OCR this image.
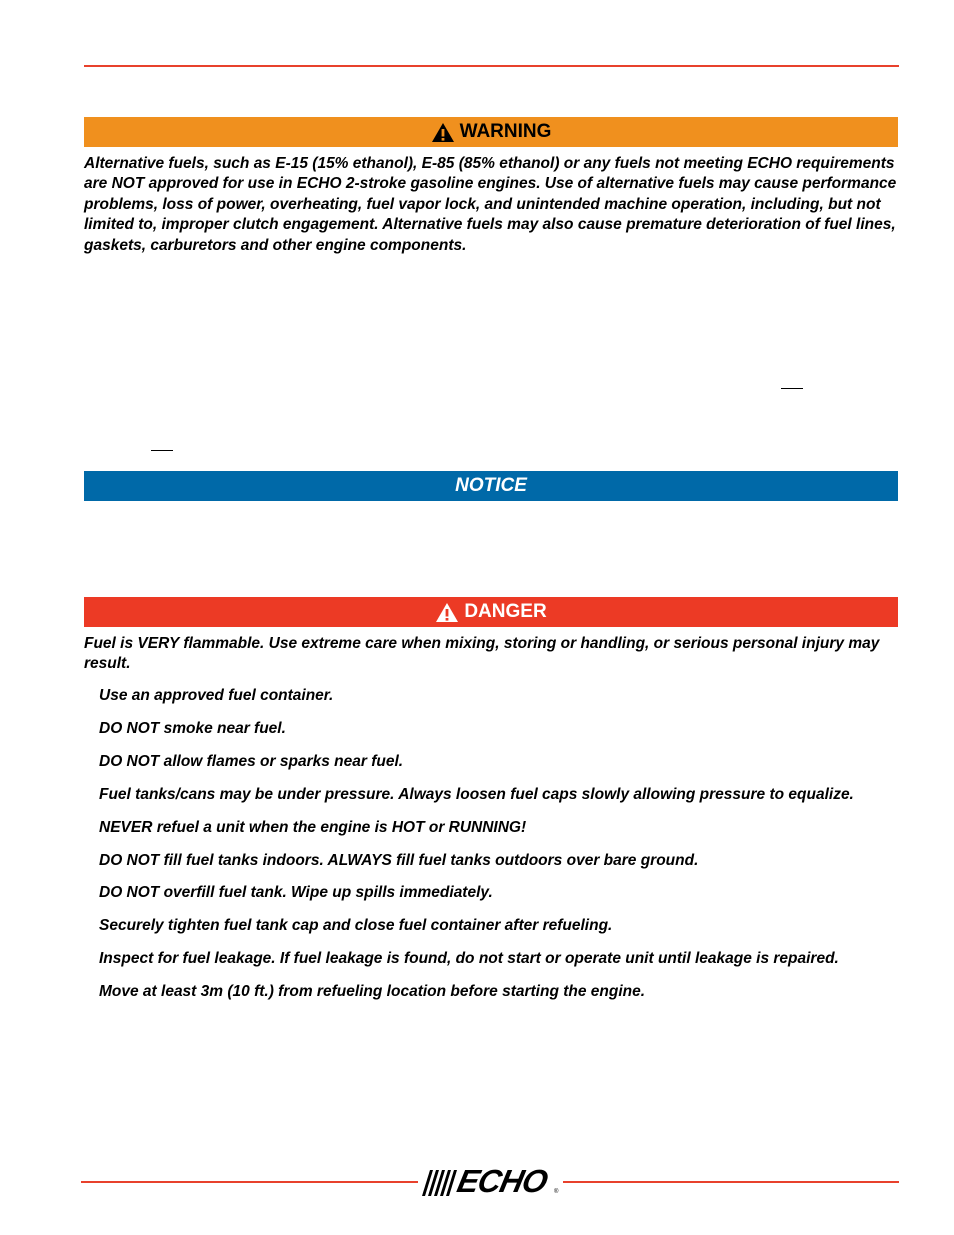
WARNING

Alternative fuels, such as E-15 (15% ethanol), E-85 (85% ethanol) or any fuels not meeting ECHO requirements are NOT approved for use in ECHO 2-stroke gasoline engines. Use of alternative fuels may cause performance problems, loss of power, overheating, fuel vapor lock, and unintended machine operation, including, but not limited to, improper clutch engagement. Alternative fuels may also cause premature deterioration of fuel lines, gaskets, carburetors and other engine components.

NOTICE
DANGER

Fuel is VERY flammable. Use extreme care when mixing, storing or handling, or serious personal injury may result.

Use an approved fuel container.
DO NOT smoke near fuel.
DO NOT allow flames or sparks near fuel.
Fuel tanks/cans may be under pressure. Always loosen fuel caps slowly allowing pressure to equalize.
NEVER refuel a unit when the engine is HOT or RUNNING!
DO NOT fill fuel tanks indoors. ALWAYS fill fuel tanks outdoors over bare ground.
DO NOT overfill fuel tank. Wipe up spills immediately.
Securely tighten fuel tank cap and close fuel container after refueling.
Inspect for fuel leakage. If fuel leakage is found, do not start or operate unit until leakage is repaired.
Move at least 3m (10 ft.) from refueling location before starting the engine.
ECHO ®
